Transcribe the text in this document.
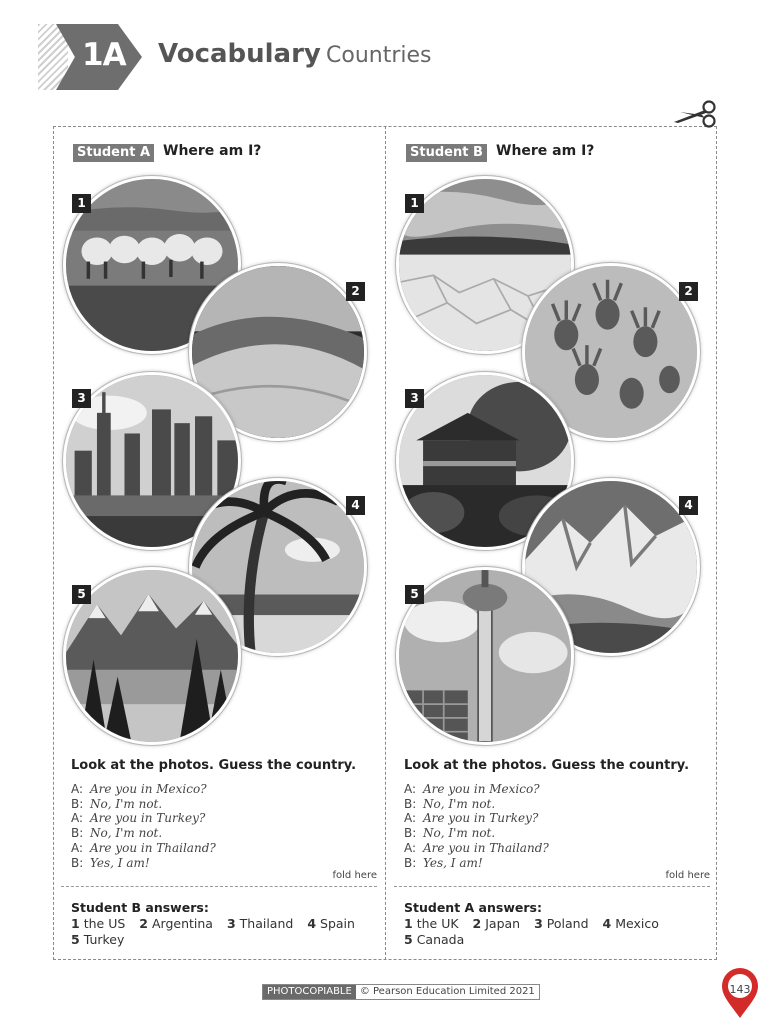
1A Vocabulary Countries
Student A Where am I?
1
2
3
4
5
Look at the photos. Guess the country.
A: Are you in Mexico?
B: No, I'm not.
A: Are you in Turkey?
B: No, I'm not.
A: Are you in Thailand?
B: Yes, I am!
fold here
Student B answers:
1 the US 2 Argentina 3 Thailand 4 Spain
5 Turkey
Student B Where am I?
1
2
3
4
5
Look at the photos. Guess the country.
A: Are you in Mexico?
B: No, I'm not.
A: Are you in Turkey?
B: No, I'm not.
A: Are you in Thailand?
B: Yes, I am!
fold here
Student A answers:
1 the UK 2 Japan 3 Poland 4 Mexico
5 Canada
PHOTOCOPIABLE © Pearson Education Limited 2021	143
